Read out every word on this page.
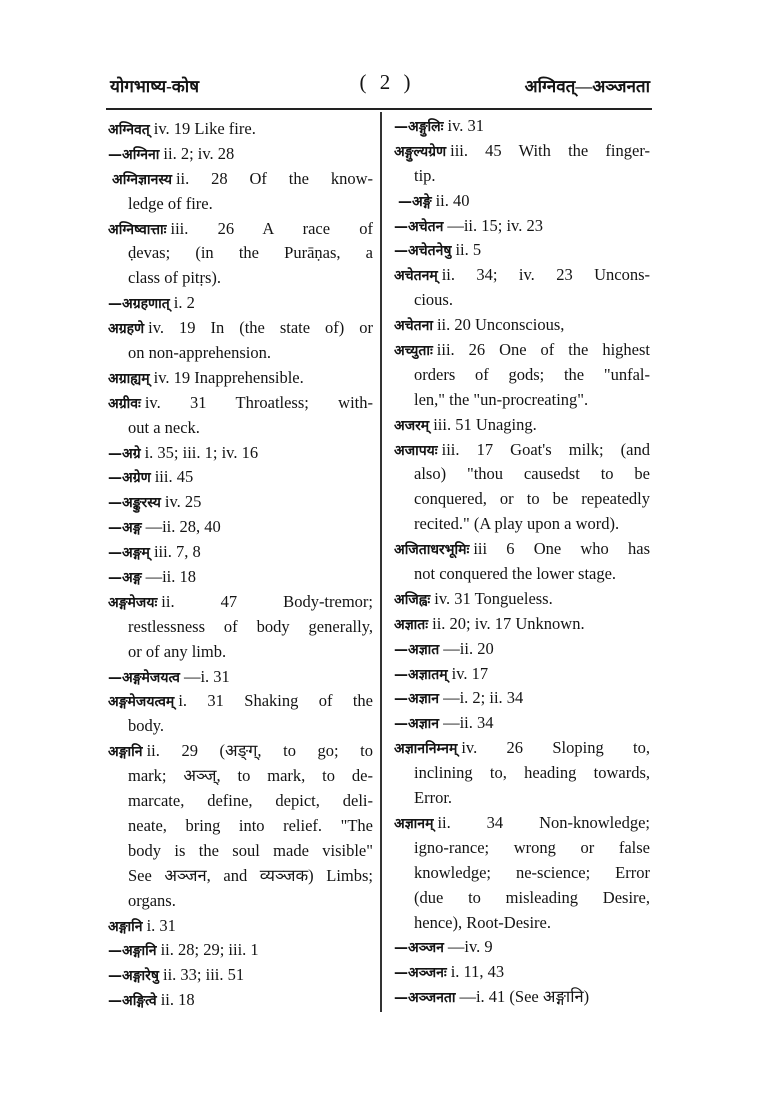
योगभाष्य-कोष	( 2 )	अग्निवत्—अञ्जनता
अग्निवत् iv. 19 Like fire.
—अग्निना ii. 2; iv. 28
अग्निज्ञानस्य ii. 28 Of the know-
ledge of fire.
अग्निष्वात्ताः iii. 26 A race of
ḍevas; (in the Purāṇas, a
class of pitṛs).
—अग्रहणात् i. 2
अग्रहणे iv. 19 In (the state of) or
on non-apprehension.
अग्राह्यम् iv. 19 Inapprehensible.
अग्रीवः iv. 31 Throatless; with-
out a neck.
—अग्रे i. 35; iii. 1; iv. 16
—अग्रेण iii. 45
—अङ्कुरस्य iv. 25
—अङ्ग —ii. 28, 40
—अङ्गम् iii. 7, 8
—अङ्ग —ii. 18
अङ्गमेजयः ii. 47 Body-tremor;
restlessness of body generally,
or of any limb.
—अङ्गमेजयत्व —i. 31
अङ्गमेजयत्वम् i. 31 Shaking of the
body.
अङ्गानि ii. 29 (अङ्ग्, to go; to
mark; अञ्ज्, to mark, to de-
marcate, define, depict, deli-
neate, bring into relief. "The
body is the soul made visible"
See अञ्जन, and व्यञ्जक) Limbs;
organs.
अङ्गानि i. 31
—अङ्गानि ii. 28; 29; iii. 1
—अङ्गारेषु ii. 33; iii. 51
—अङ्गित्वे ii. 18
—अङ्गुलिः iv. 31
अङ्गुल्यग्रेण iii. 45 With the finger-
tip.
—अङ्गे ii. 40
—अचेतन —ii. 15; iv. 23
—अचेतनेषु ii. 5
अचेतनम् ii. 34; iv. 23 Uncons-
cious.
अचेतना ii. 20 Unconscious,
अच्युताः iii. 26 One of the highest
orders of gods; the "unfal-
len," the "un-procreating".
अजरम् iii. 51 Unaging.
अजापयः iii. 17 Goat's milk; (and
also) "thou causedst to be
conquered, or to be repeatedly
recited." (A play upon a word).
अजिताधरभूमिः iii 6 One who has
not conquered the lower stage.
अजिह्वः iv. 31 Tongueless.
अज्ञातः ii. 20; iv. 17 Unknown.
—अज्ञात —ii. 20
—अज्ञातम् iv. 17
—अज्ञान —i. 2; ii. 34
—अज्ञान —ii. 34
अज्ञाननिम्नम् iv. 26 Sloping to,
inclining to, heading towards,
Error.
अज्ञानम् ii. 34 Non-knowledge;
igno-rance; wrong or false
knowledge; ne-science; Error
(due to misleading Desire,
hence), Root-Desire.
—अञ्जन —iv. 9
—अञ्जनः i. 11, 43
—अञ्जनता —i. 41 (See अङ्गानि)
